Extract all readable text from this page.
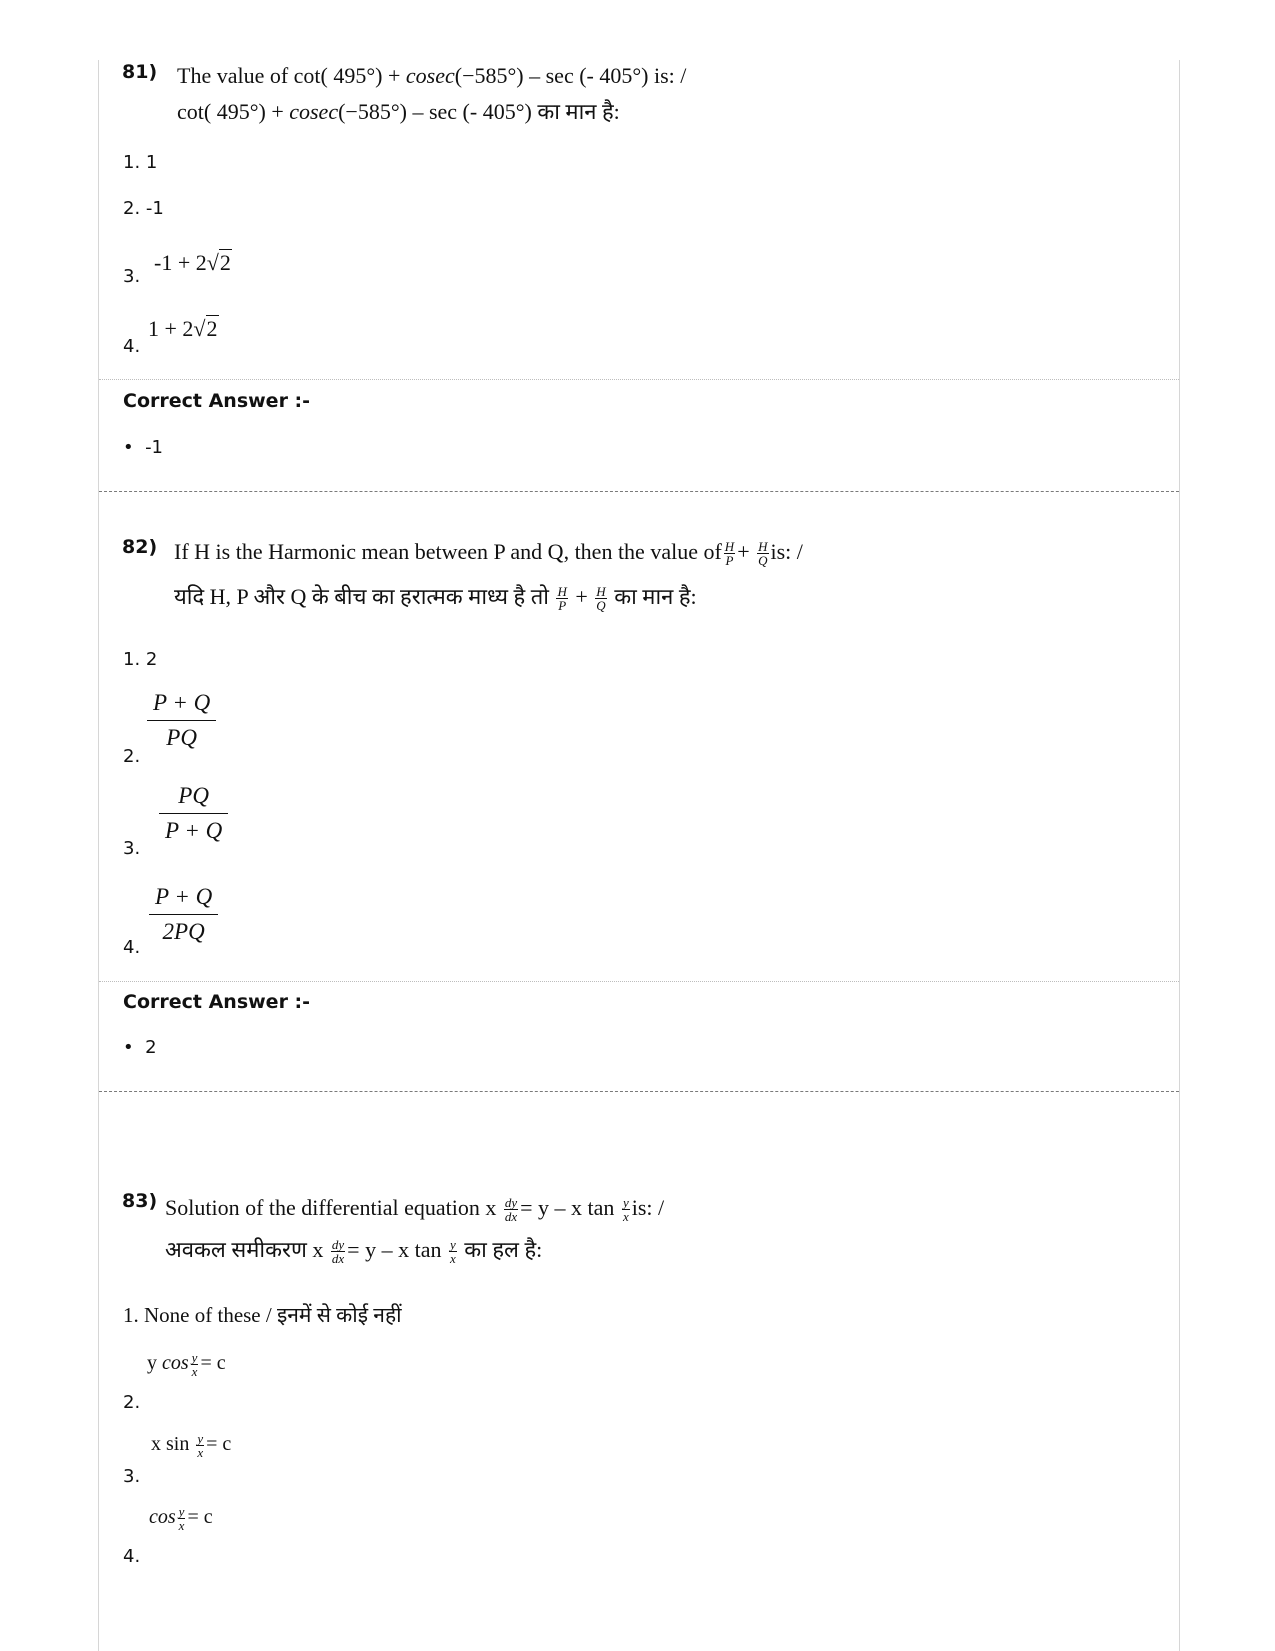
81) The value of cot( 495°) + cosec(−585°) – sec (- 405°) is: /
cot( 495°) + cosec(−585°) – sec (- 405°) का मान है:
1. 1
2. -1
3.
-1 + 2√2
4.
1 + 2√2
Correct Answer :-
•  -1
82) If H is the Harmonic mean between P and Q, then the value of $\frac{H}{P} + \frac{H}{Q}$ is: /
यदि H, P और Q के बीच का हरात्मक माध्य है तो $\frac{H}{P} + \frac{H}{Q}$ का मान है:
1. 2
2.
$\frac{P + Q}{PQ}$
3.
$\frac{PQ}{P + Q}$
4.
$\frac{P + Q}{2PQ}$
Correct Answer :-
•  2
83) Solution of the differential equation x $\frac{dy}{dx} = y - x$ $\tan \frac{y}{x}$ is: /
अवकल समीकरण x $\frac{dy}{dx} = y - x$ $\tan \frac{y}{x}$ का हल है:
1. None of these / इनमें से कोई नहीं
2.
y $\cos \frac{y}{x} = c$
3.
x $\sin \frac{y}{x} = c$
4.
$\cos \frac{y}{x} = c$
